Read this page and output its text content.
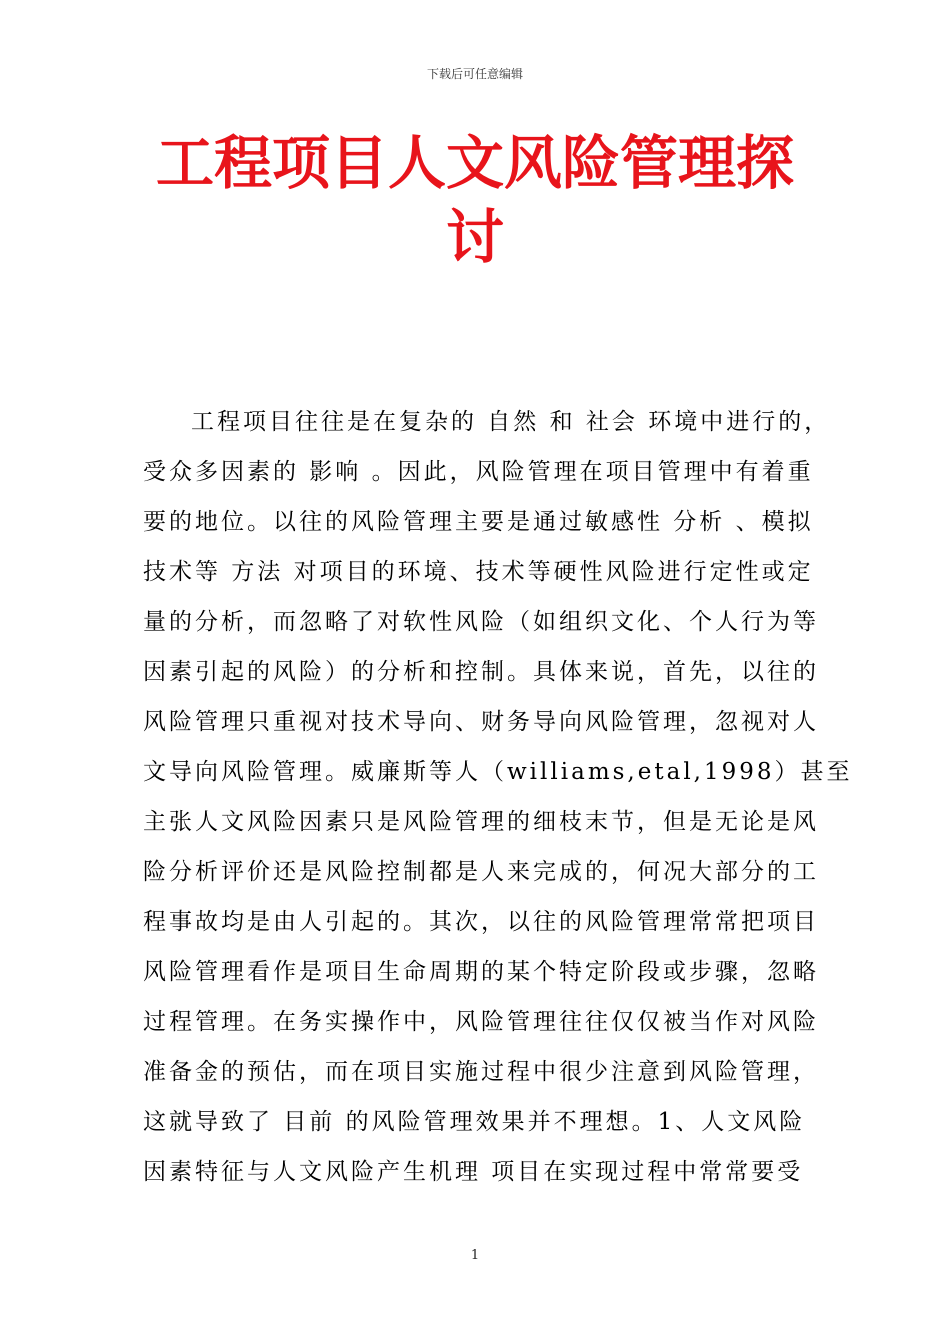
下载后可任意编辑
工程项目人文风险管理探
讨
工程项目往往是在复杂的 自然 和 社会 环境中进行的，
受众多因素的 影响 。因此，风险管理在项目管理中有着重
要的地位。以往的风险管理主要是通过敏感性 分析 、模拟
技术等 方法 对项目的环境、技术等硬性风险进行定性或定
量的分析，而忽略了对软性风险（如组织文化、个人行为等
因素引起的风险）的分析和控制。具体来说，首先，以往的
风险管理只重视对技术导向、财务导向风险管理，忽视对人
文导向风险管理。威廉斯等人（williams,etal,1998）甚至
主张人文风险因素只是风险管理的细枝末节，但是无论是风
险分析评价还是风险控制都是人来完成的，何况大部分的工
程事故均是由人引起的。其次，以往的风险管理常常把项目
风险管理看作是项目生命周期的某个特定阶段或步骤，忽略
过程管理。在务实操作中，风险管理往往仅仅被当作对风险
准备金的预估，而在项目实施过程中很少注意到风险管理，
这就导致了 目前 的风险管理效果并不理想。1、人文风险
因素特征与人文风险产生机理 项目在实现过程中常常要受
1
